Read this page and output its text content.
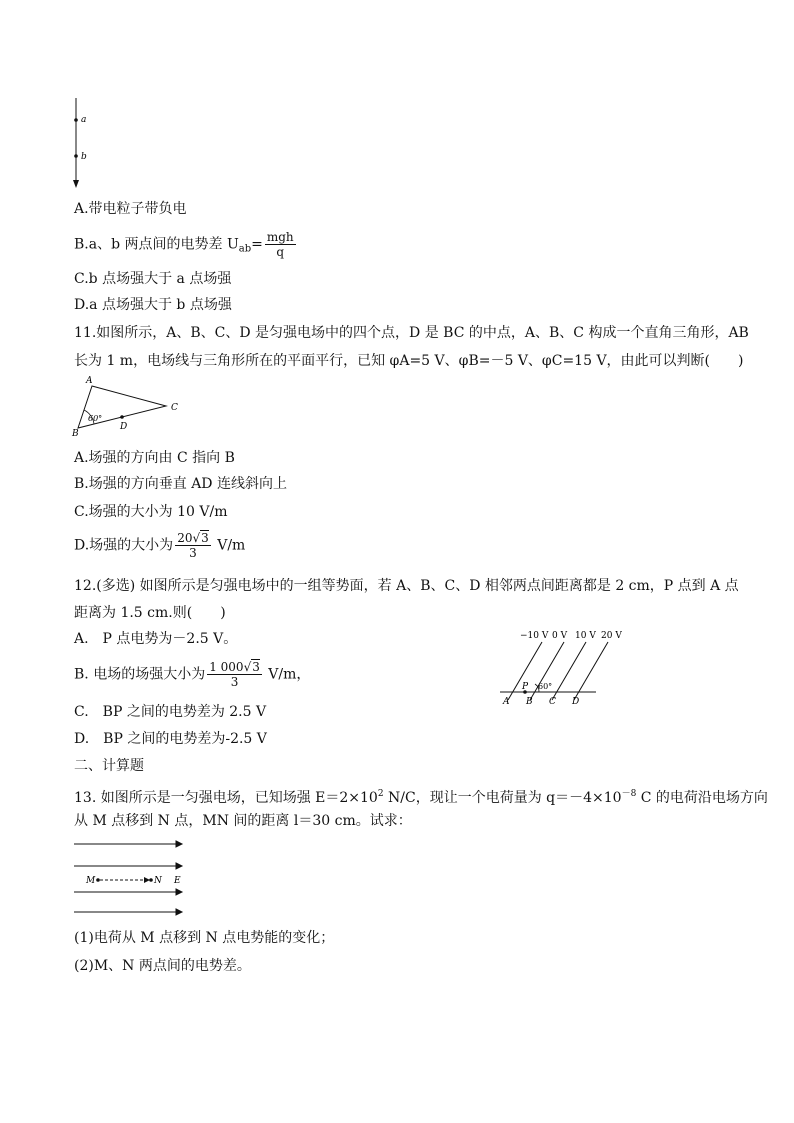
a
b
A.带电粒子带负电
B.a、b 两点间的电势差 $U_{ab}= \frac{\text{mgh}}{q}$
C.b 点场强大于 a 点场强
D.a 点场强大于 b 点场强
11.如图所示，A、B、C、D 是匀强电场中的四个点，D 是 BC 的中点，A、B、C 构成一个直角三角形，AB
长为 1 m，电场线与三角形所在的平面平行，已知 φA=5 V、φB=－5 V、φC=15 V，由此可以判断(　　)
A
B
C
D
60°
A.场强的方向由 C 指向 B
B.场强的方向垂直 AD 连线斜向上
C.场强的大小为 10 V/m
D.场强的大小为 $\frac{20√3}{3} V/m$
12.(多选) 如图所示是匀强电场中的一组等势面，若 A、B、C、D 相邻两点间距离都是 2 cm，P 点到 A 点
距离为 1.5 cm.则(　　)
A.　P 点电势为－2.5 V。
B. 电场的场强大小为 $\frac{1 000√3}{3} V/m$，
C.　BP 之间的电势差为 2.5 V
D.　BP 之间的电势差为-2.5 V
−10 V 0 V 10 V 20 V
P 60°
A B C D
二、计算题
13. 如图所示是一匀强电场，已知场强 $E=2\times 10^2$ N/C，现让一个电荷量为 $q=-4\times 10^{-8}$ C 的电荷沿电场方向
从 M 点移到 N 点，MN 间的距离 l＝30 cm。试求：
M	N E
(1)电荷从 M 点移到 N 点电势能的变化；
(2)M、N 两点间的电势差。
